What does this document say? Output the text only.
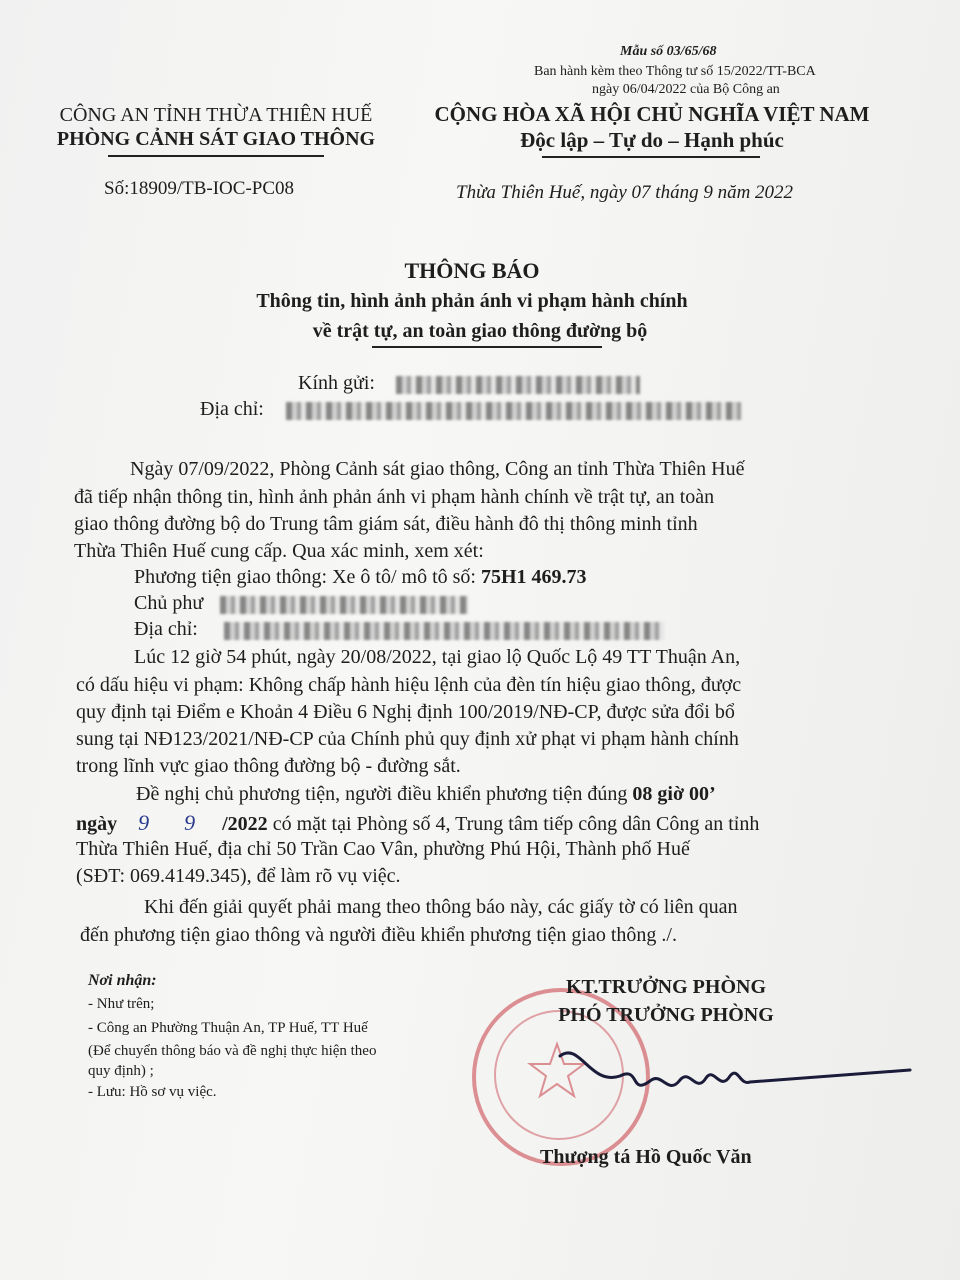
Mẫu số 03/65/68
Ban hành kèm theo Thông tư số 15/2022/TT-BCA
ngày 06/04/2022 của Bộ Công an
CÔNG AN TỈNH THỪA THIÊN HUẾ
PHÒNG CẢNH SÁT GIAO THÔNG
CỘNG HÒA XÃ HỘI CHỦ NGHĨA VIỆT NAM
Độc lập – Tự do – Hạnh phúc
Số:18909/TB-IOC-PC08	Thừa Thiên Huế, ngày 07 tháng 9 năm 2022
THÔNG BÁO
Thông tin, hình ảnh phản ánh vi phạm hành chính
về trật tự, an toàn giao thông đường bộ
Kính gửi:
Địa chỉ:
Ngày 07/09/2022, Phòng Cảnh sát giao thông, Công an tỉnh Thừa Thiên Huế
đã tiếp nhận thông tin, hình ảnh phản ánh vi phạm hành chính về trật tự, an toàn
giao thông đường bộ do Trung tâm giám sát, điều hành đô thị thông minh tỉnh
Thừa Thiên Huế cung cấp. Qua xác minh, xem xét:
Phương tiện giao thông: Xe ô tô/ mô tô số: 75H1 469.73
Chủ phư
Địa chỉ:
Lúc 12 giờ 54 phút, ngày 20/08/2022, tại giao lộ Quốc Lộ 49 TT Thuận An,
có dấu hiệu vi phạm: Không chấp hành hiệu lệnh của đèn tín hiệu giao thông, được
quy định tại Điểm e Khoản 4 Điều 6 Nghị định 100/2019/NĐ-CP, được sửa đổi bổ
sung tại NĐ123/2021/NĐ-CP của Chính phủ quy định xử phạt vi phạm hành chính
trong lĩnh vực giao thông đường bộ - đường sắt.
Đề nghị chủ phương tiện, người điều khiển phương tiện đúng 08 giờ 00’
ngày 9 9 /2022 có mặt tại Phòng số 4, Trung tâm tiếp công dân Công an tỉnh
Thừa Thiên Huế, địa chỉ 50 Trần Cao Vân, phường Phú Hội, Thành phố Huế
(SĐT: 069.4149.345), để làm rõ vụ việc.
Khi đến giải quyết phải mang theo thông báo này, các giấy tờ có liên quan
đến phương tiện giao thông và người điều khiển phương tiện giao thông ./.
Nơi nhận:
- Như trên;
- Công an Phường Thuận An, TP Huế, TT Huế
(Để chuyển thông báo và đề nghị thực hiện theo
quy định) ;
- Lưu: Hồ sơ vụ việc.
KT.TRƯỞNG PHÒNG
PHÓ TRƯỞNG PHÒNG
Thượng tá Hồ Quốc Văn
